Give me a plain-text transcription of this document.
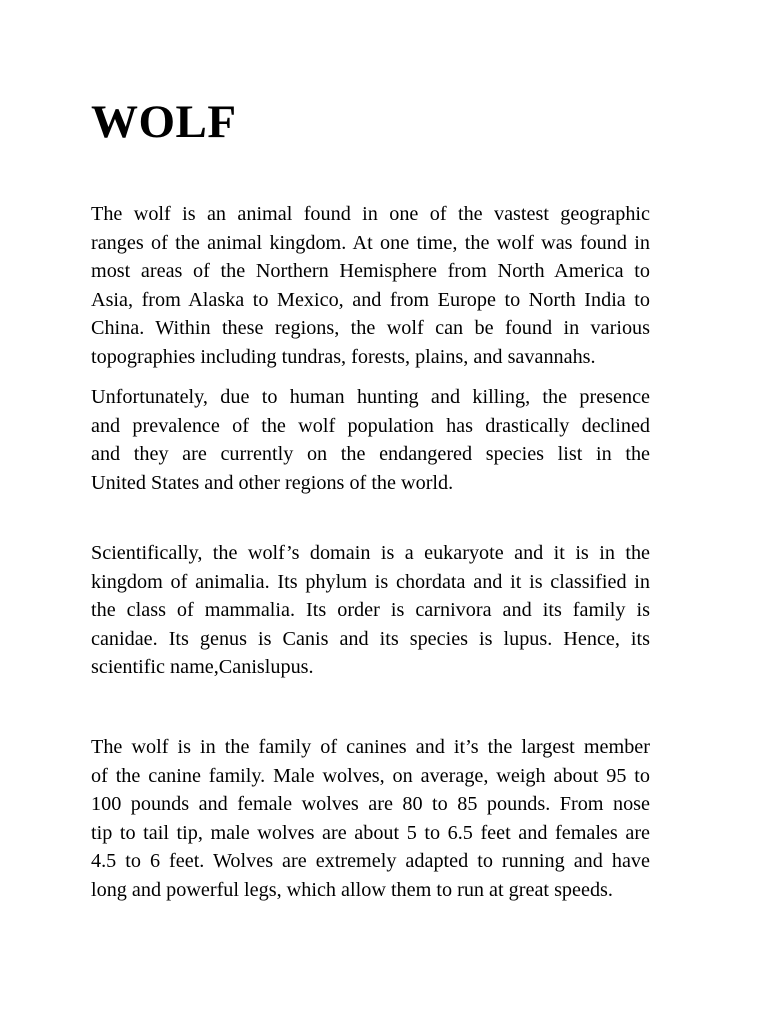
WOLF

The wolf is an animal found in one of the vastest geographic
ranges of the animal kingdom. At one time, the wolf was found in
most areas of the Northern Hemisphere from North America to
Asia, from Alaska to Mexico, and from Europe to North India to
China. Within these regions, the wolf can be found in various
topographies including tundras, forests, plains, and savannahs.

Unfortunately, due to human hunting and killing, the presence
and prevalence of the wolf population has drastically declined
and they are currently on the endangered species list in the
United States and other regions of the world.

Scientifically, the wolf’s domain is a eukaryote and it is in the
kingdom of animalia. Its phylum is chordata and it is classified in
the class of mammalia. Its order is carnivora and its family is
canidae. Its genus is Canis and its species is lupus. Hence, its
scientific name,Canislupus.

The wolf is in the family of canines and it’s the largest member
of the canine family. Male wolves, on average, weigh about 95 to
100 pounds and female wolves are 80 to 85 pounds. From nose
tip to tail tip, male wolves are about 5 to 6.5 feet and females are
4.5 to 6 feet. Wolves are extremely adapted to running and have
long and powerful legs, which allow them to run at great speeds.
